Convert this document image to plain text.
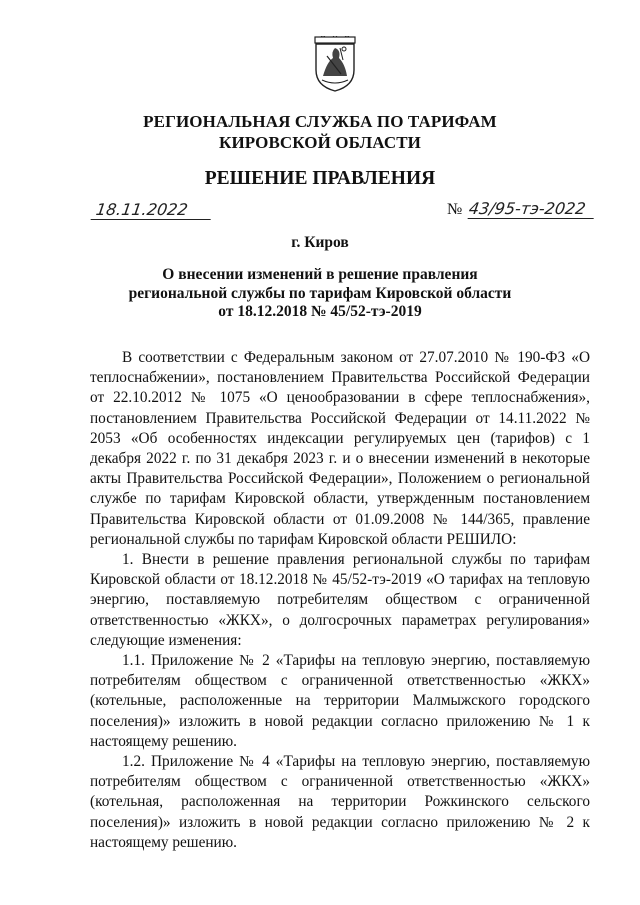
РЕГИОНАЛЬНАЯ СЛУЖБА ПО ТАРИФАМ
КИРОВСКОЙ ОБЛАСТИ
РЕШЕНИЕ ПРАВЛЕНИЯ
18.11.2022	№ 43/95-тэ-2022
г. Киров
О внесении изменений в решение правления
региональной службы по тарифам Кировской области
от 18.12.2018 № 45/52-тэ-2019

В соответствии с Федеральным законом от 27.07.2010 № 190-ФЗ «О теплоснабжении», постановлением Правительства Российской Федерации от 22.10.2012 № 1075 «О ценообразовании в сфере теплоснабжения», постановлением Правительства Российской Федерации от 14.11.2022 № 2053 «Об особенностях индексации регулируемых цен (тарифов) с 1 декабря 2022 г. по 31 декабря 2023 г. и о внесении изменений в некоторые акты Правительства Российской Федерации», Положением о региональной службе по тарифам Кировской области, утвержденным постановлением Правительства Кировской области от 01.09.2008 № 144/365, правление региональной службы по тарифам Кировской области РЕШИЛО:

1. Внести в решение правления региональной службы по тарифам Кировской области от 18.12.2018 № 45/52-тэ-2019 «О тарифах на тепловую энергию, поставляемую потребителям обществом с ограниченной ответственностью «ЖКХ», о долгосрочных параметрах регулирования» следующие изменения:

1.1. Приложение № 2 «Тарифы на тепловую энергию, поставляемую потребителям обществом с ограниченной ответственностью «ЖКХ» (котельные, расположенные на территории Малмыжского городского поселения)» изложить в новой редакции согласно приложению № 1 к настоящему решению.

1.2. Приложение № 4 «Тарифы на тепловую энергию, поставляемую потребителям обществом с ограниченной ответственностью «ЖКХ» (котельная, расположенная на территории Рожкинского сельского поселения)» изложить в новой редакции согласно приложению № 2 к настоящему решению.
